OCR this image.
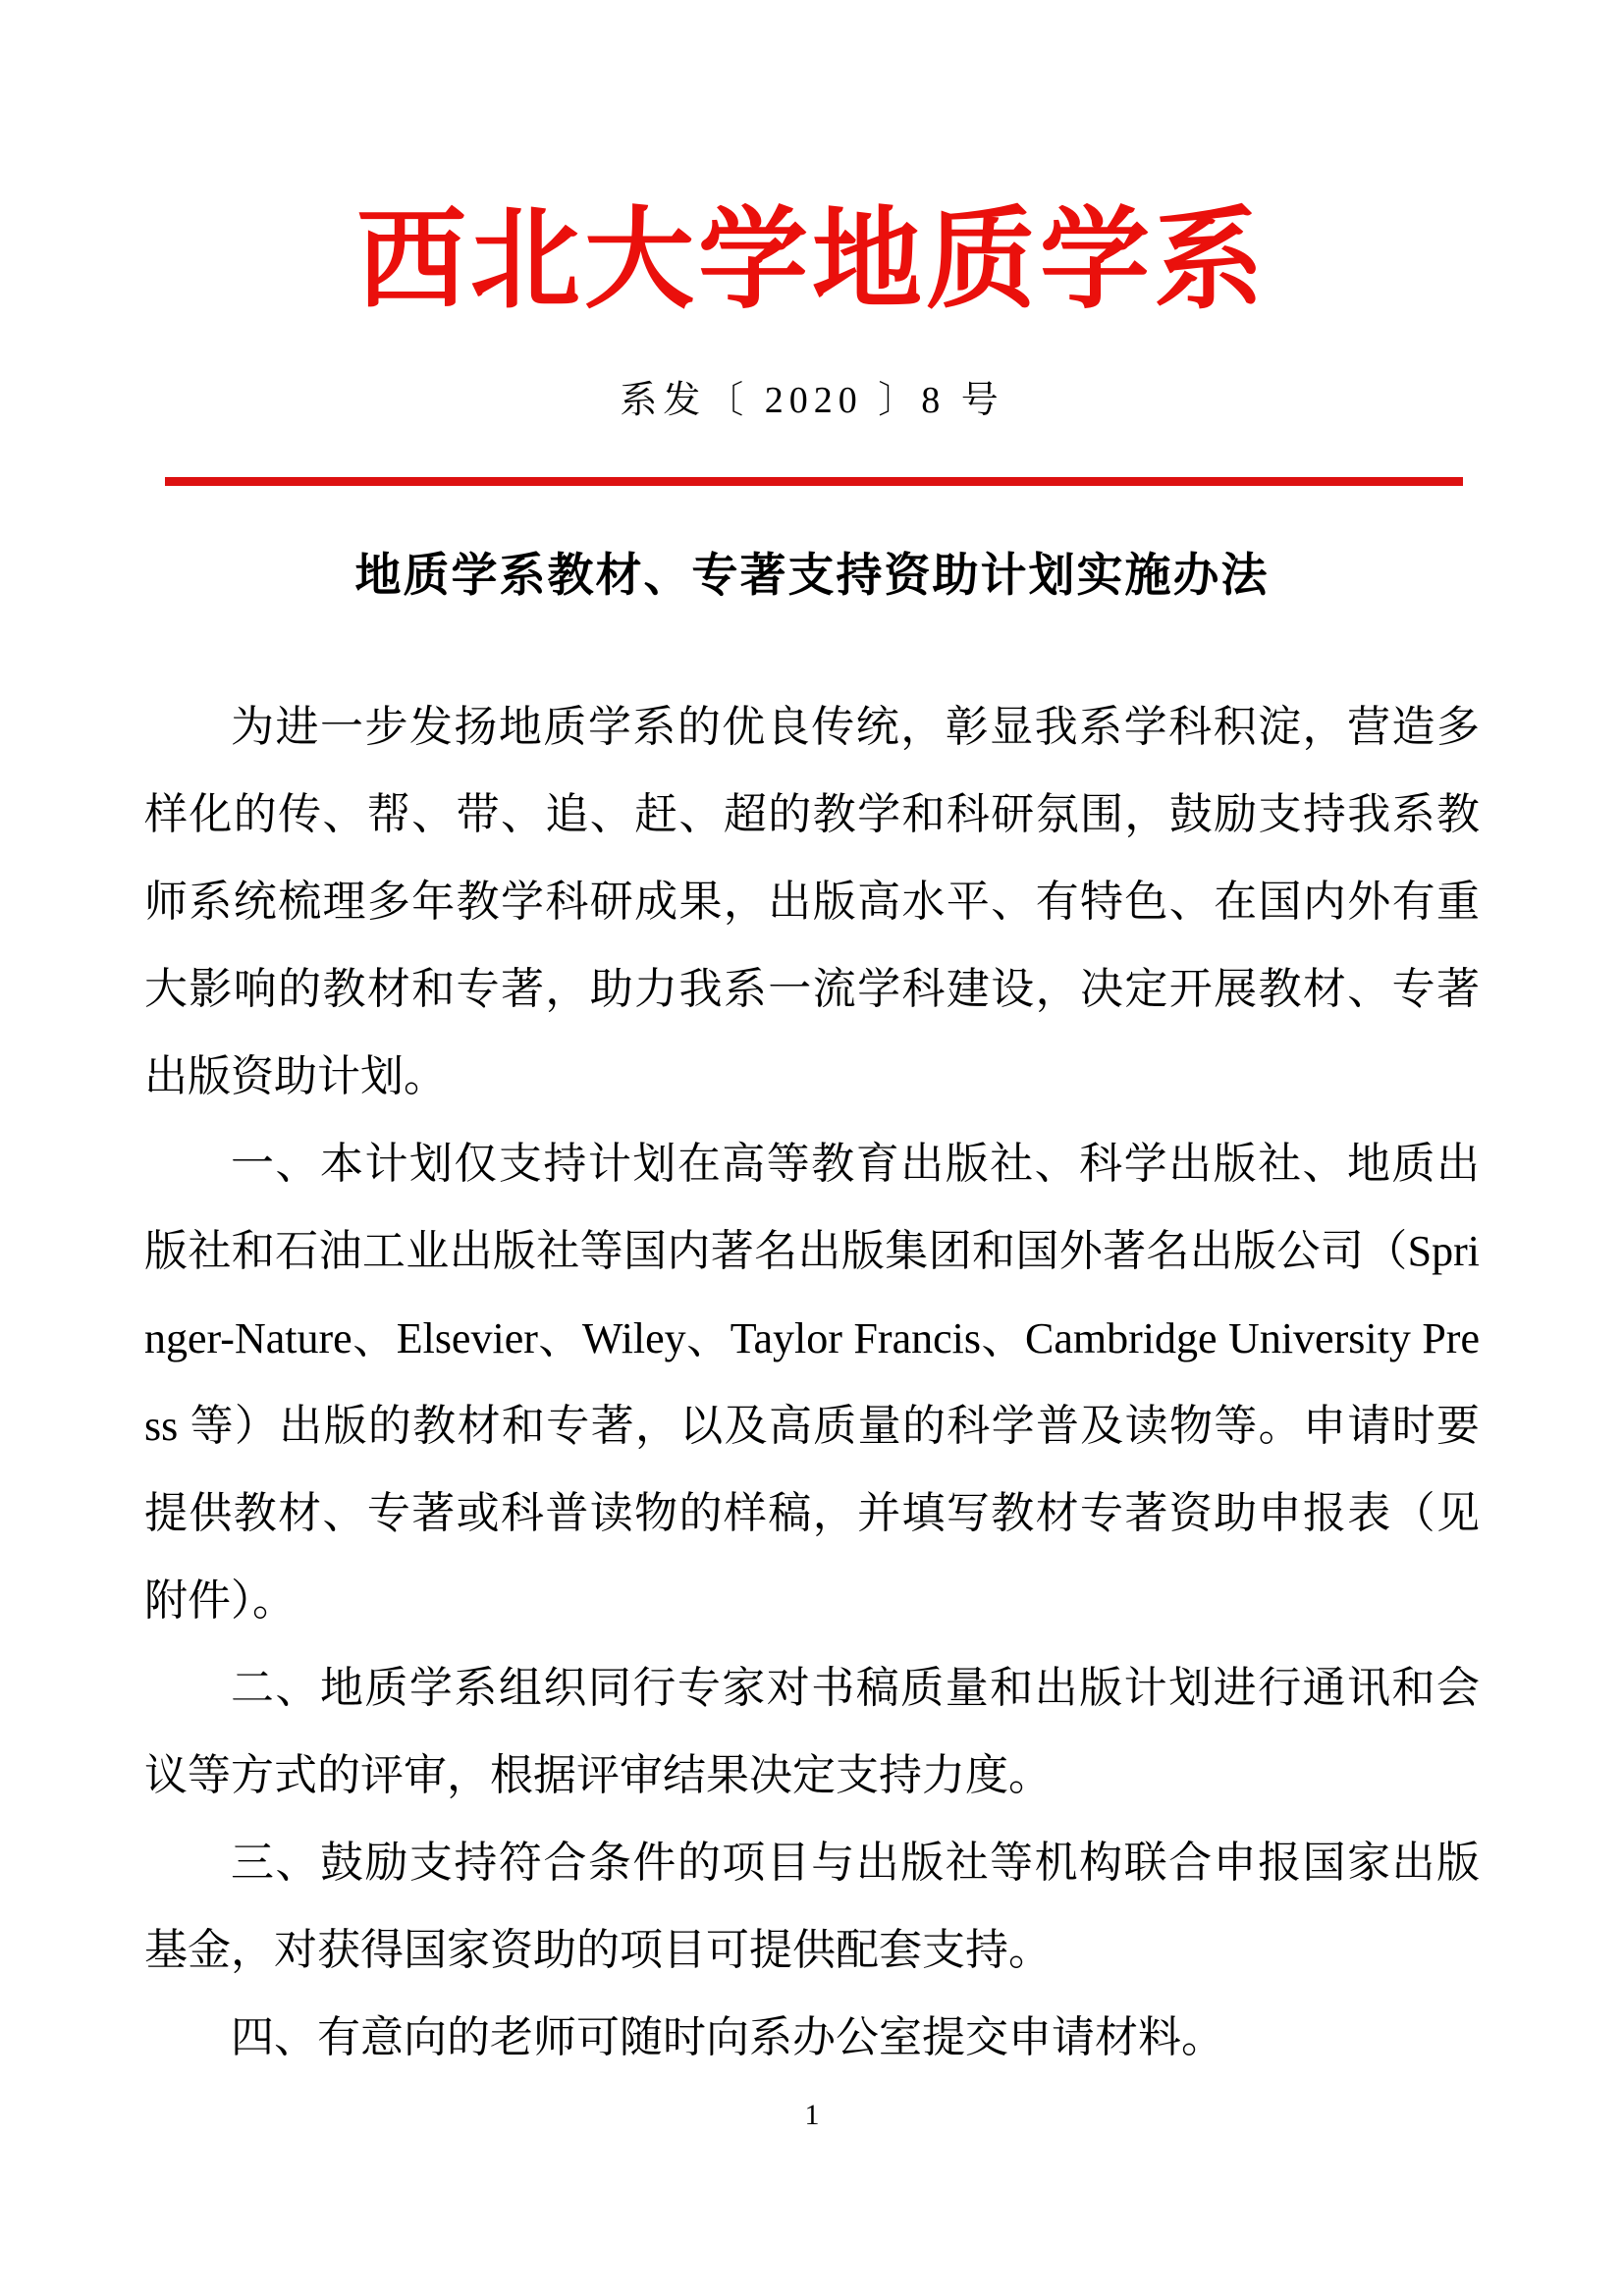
西北大学地质学系
系发〔 2020 〕8 号
地质学系教材、专著支持资助计划实施办法

为进一步发扬地质学系的优良传统，彰显我系学科积淀，营造多样化的传、帮、带、追、赶、超的教学和科研氛围，鼓励支持我系教师系统梳理多年教学科研成果，出版高水平、有特色、在国内外有重大影响的教材和专著，助力我系一流学科建设，决定开展教材、专著出版资助计划。

一、本计划仅支持计划在高等教育出版社、科学出版社、地质出版社和石油工业出版社等国内著名出版集团和国外著名出版公司（Springer-Nature、Elsevier、Wiley、Taylor Francis、Cambridge University Press 等）出版的教材和专著，以及高质量的科学普及读物等。申请时要提供教材、专著或科普读物的样稿，并填写教材专著资助申报表（见附件）。

二、地质学系组织同行专家对书稿质量和出版计划进行通讯和会议等方式的评审，根据评审结果决定支持力度。

三、鼓励支持符合条件的项目与出版社等机构联合申报国家出版基金，对获得国家资助的项目可提供配套支持。

四、有意向的老师可随时向系办公室提交申请材料。

1
